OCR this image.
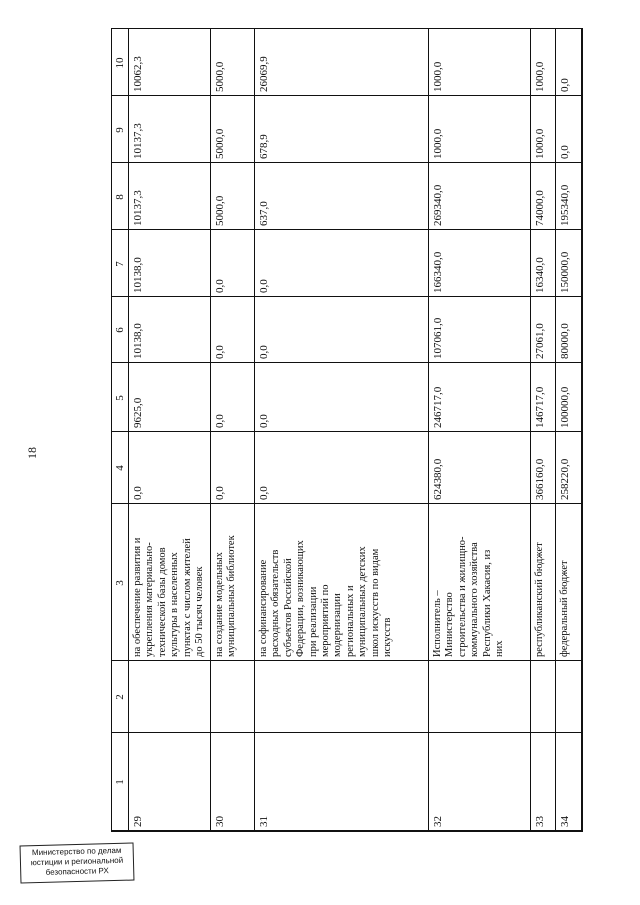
18
Министерство по делам
юстиции и региональной
безопасности РХ
1
2
3
4
5
6
7
8
9
10
29
на обеспечение развития и укрепления материально- технической базы домов культуры в населенных пунктах с числом жителей до 50 тысяч человек
0,0
9625,0
10138,0
10138,0
10137,3
10137,3
10062,3
30
на создание модельных муниципальных библиотек
0,0
0,0
0,0
0,0
5000,0
5000,0
5000,0
31
на софинансирование расходных обязательств субъектов Российской Федерации, возникающих при реализации мероприятий по модернизации региональных и муниципальных детских школ искусств по видам искусств
0,0
0,0
0,0
0,0
637,0
678,9
26069,9
32
Исполнитель – Министерство строительства и жилищно- коммунального хозяйства Республики Хакасия, из них
624380,0
246717,0
107061,0
166340,0
269340,0
1000,0
1000,0
33
республиканский бюджет
366160,0
146717,0
27061,0
16340,0
74000,0
1000,0
1000,0
34
федеральный бюджет
258220,0
100000,0
80000,0
150000,0
195340,0
0,0
0,0
